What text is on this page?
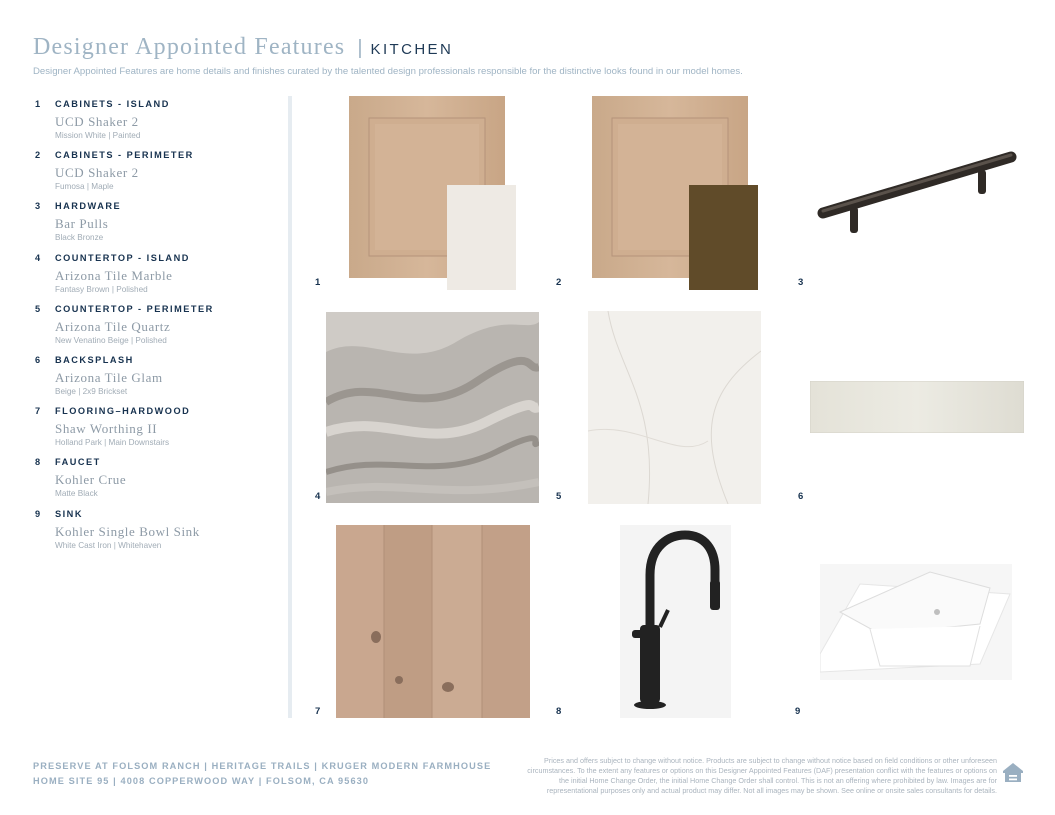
Designer Appointed Features | KITCHEN
Designer Appointed Features are home details and finishes curated by the talented design professionals responsible for the distinctive looks found in our model homes.
1	CABINETS - ISLAND
UCD Shaker 2
Mission White | Painted
2	CABINETS - PERIMETER
UCD Shaker 2
Fumosa | Maple
3	HARDWARE
Bar Pulls
Black Bronze
4	COUNTERTOP - ISLAND
Arizona Tile Marble
Fantasy Brown | Polished
5	COUNTERTOP - PERIMETER
Arizona Tile Quartz
New Venatino Beige | Polished
6	BACKSPLASH
Arizona Tile Glam
Beige | 2x9 Brickset
7	FLOORING–HARDWOOD
Shaw Worthing II
Holland Park | Main Downstairs
8	FAUCET
Kohler Crue
Matte Black
9	SINK
Kohler Single Bowl Sink
White Cast Iron | Whitehaven
1	2	3
4	5	6
7	8	9
PRESERVE AT FOLSOM RANCH | HERITAGE TRAILS | KRUGER MODERN FARMHOUSE
HOME SITE 95 | 4008 COPPERWOOD WAY | FOLSOM, CA 95630
Prices and offers subject to change without notice. Products are subject to change without notice based on field conditions or other unforeseen circumstances. To the extent any features or options on this Designer Appointed Features (DAF) presentation conflict with the features or options on the initial Home Change Order, the initial Home Change Order shall control. This is not an offering where prohibited by law. Images are for representational purposes only and actual product may differ. Not all images may be shown. See online or onsite sales consultants for details.
